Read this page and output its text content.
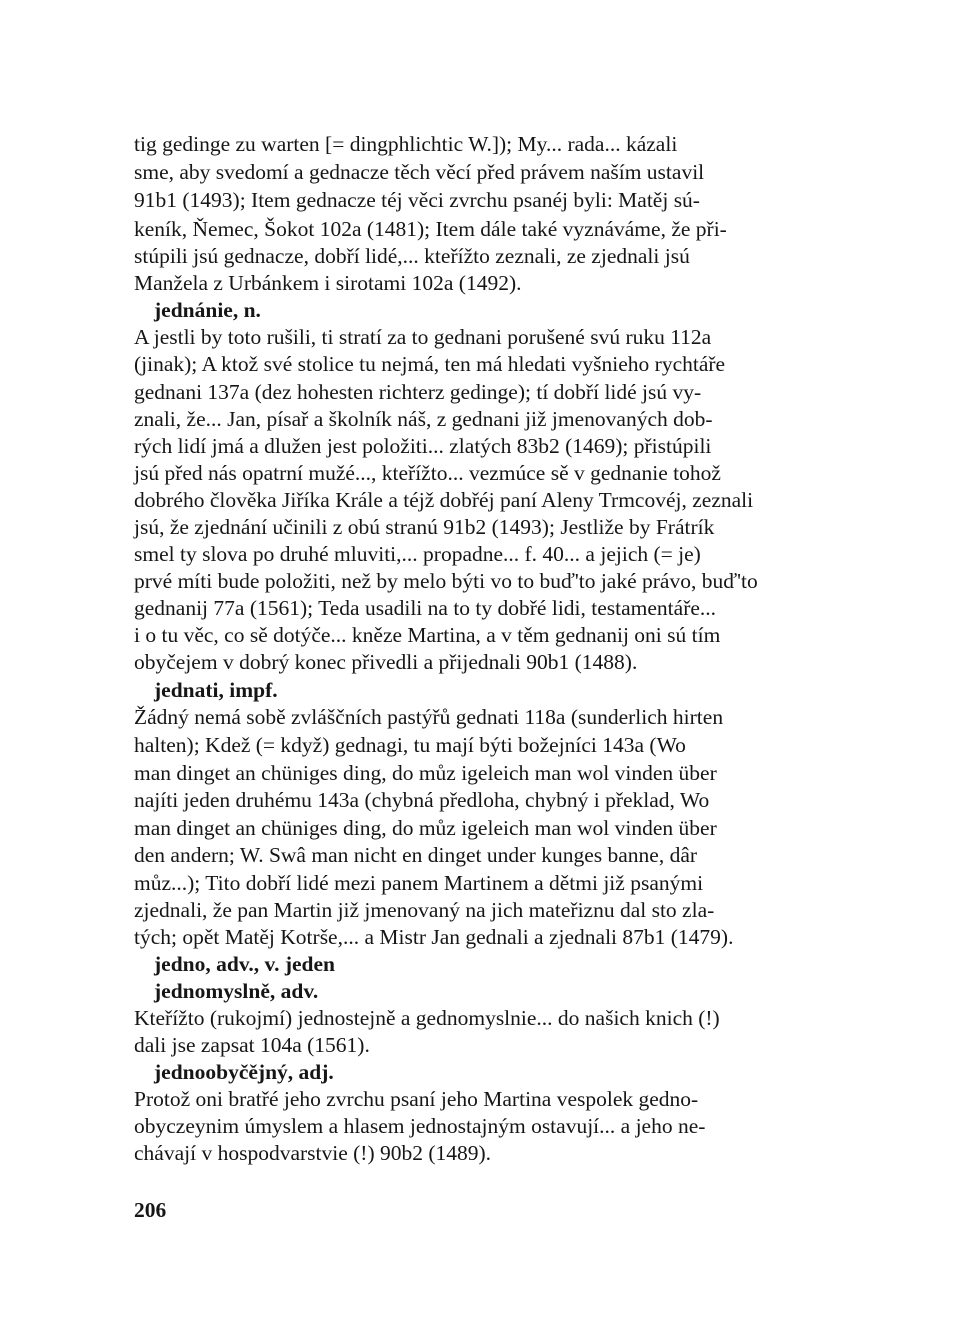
tig gedinge zu warten [= dingphlichtic W.]); My... rada... kázali
sme, aby svedomí a gednacze těch věcí před právem naším ustavil
91b1 (1493); Item gednacze téj věci zvrchu psanéj byli: Matěj sú-
keník, Ňemec, Šokot 102a (1481); Item dále také vyznáváme, že při-
stúpili jsú gednacze, dobří lidé,... kteřížto zeznali, ze zjednali jsú
Manžela z Urbánkem i sirotami 102a (1492).
jednánie, n.
A jestli by toto rušili, ti stratí za to gednani porušené svú ruku 112a
(jinak); A ktož své stolice tu nejmá, ten má hledati vyšnieho rychtáře
gednani 137a (dez hohesten richterz gedinge); tí dobří lidé jsú vy-
znali, že... Jan, písař a školník náš, z gednani již jmenovaných dob-
rých lidí jmá a dlužen jest položiti... zlatých 83b2 (1469); přistúpili
jsú před nás opatrní mužé..., kteřížto... vezmúce sě v gednanie tohož
dobrého člověka Jiříka Krále a téjž dobřéj paní Aleny Trmcovéj, zeznali
jsú, že zjednání učinili z obú stranú 91b2 (1493); Jestliže by Frátrík
smel ty slova po druhé mluviti,... propadne... f. 40... a jejich (= je)
prvé míti bude položiti, než by melo býti vo to buď'to jaké právo, buď'to
gednanij 77a (1561); Teda usadili na to ty dobřé lidi, testamentáře...
i o tu věc, co sě dotýče... kněze Martina, a v těm gednanij oni sú tím
obyčejem v dobrý konec přivedli a přijednali 90b1 (1488).
jednati, impf.
Žádný nemá sobě zvláščních pastýřů gednati 118a (sunderlich hirten
halten); Kdež (= když) gednagi, tu mají býti božejníci 143a (Wo
man dinget an chüniges ding, do můz igeleich man wol vinden über
najíti jeden druhému 143a (chybná předloha, chybný i překlad, Wo
man dinget an chüniges ding, do můz igeleich man wol vinden über
den andern; W. Swâ man nicht en dinget under kunges banne, dâr
můz...); Tito dobří lidé mezi panem Martinem a dětmi již psanými
zjednali, že pan Martin již jmenovaný na jich mateřiznu dal sto zla-
tých; opět Matěj Kotrše,... a Mistr Jan gednali a zjednali 87b1 (1479).
jedno, adv., v. jeden
jednomyslně, adv.
Kteřížto (rukojmí) jednostejně a gednomyslnie... do našich knich (!)
dali jse zapsat 104a (1561).
jednoobyčějný, adj.
Protož oni bratřé jeho zvrchu psaní jeho Martina vespolek gedno-
obyczeynim úmyslem a hlasem jednostajným ostavují... a jeho ne-
chávají v hospodvarstvie (!) 90b2 (1489).
206
